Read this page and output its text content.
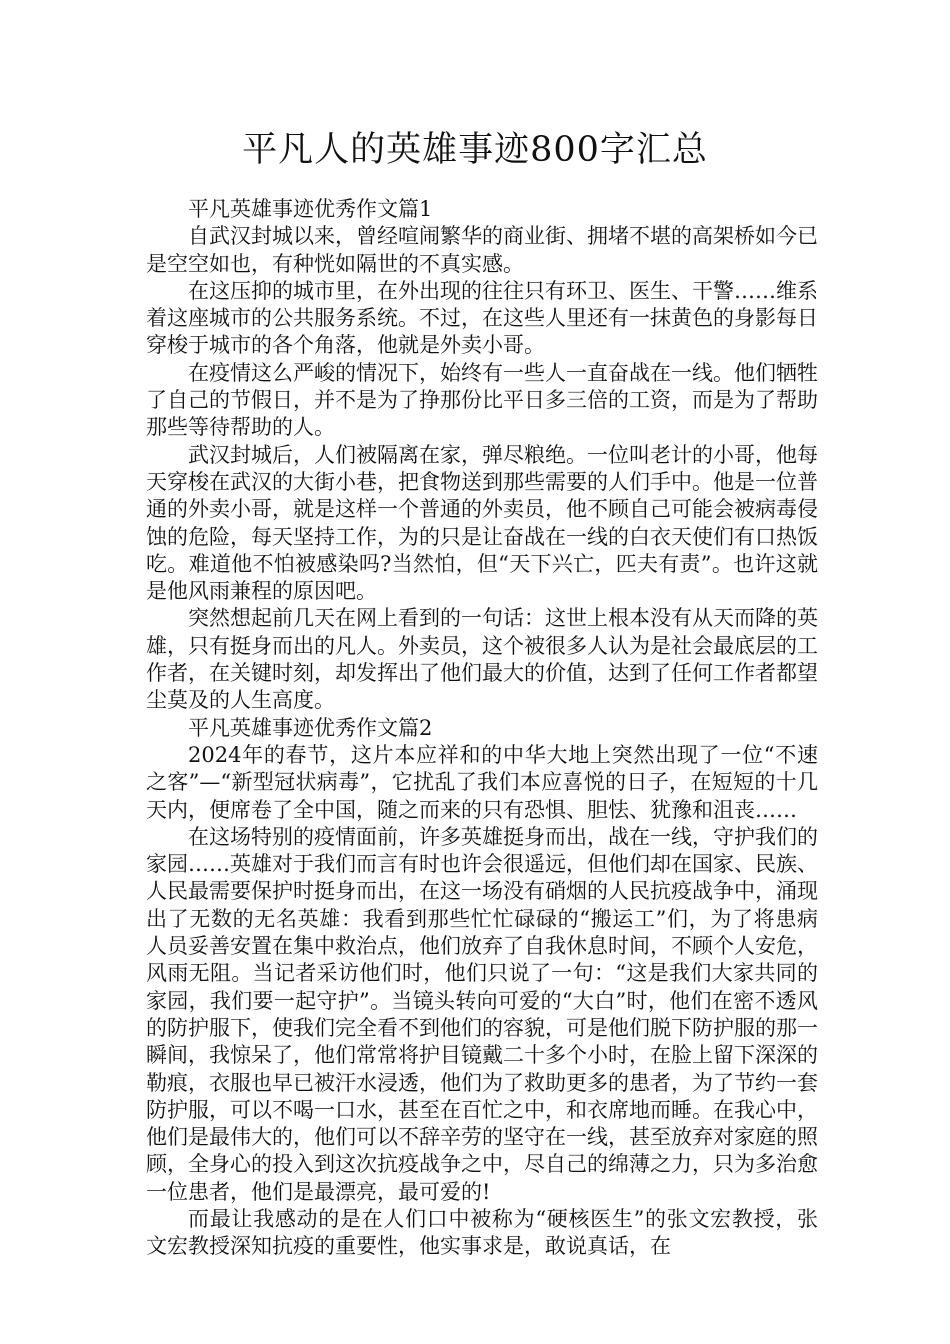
平凡人的英雄事迹800字汇总

平凡英雄事迹优秀作文篇1

自武汉封城以来，曾经喧闹繁华的商业街、拥堵不堪的高架桥如今已是空空如也，有种恍如隔世的不真实感。

在这压抑的城市里，在外出现的往往只有环卫、医生、干警……维系着这座城市的公共服务系统。不过，在这些人里还有一抹黄色的身影每日穿梭于城市的各个角落，他就是外卖小哥。

在疫情这么严峻的情况下，始终有一些人一直奋战在一线。他们牺牲了自己的节假日，并不是为了挣那份比平日多三倍的工资，而是为了帮助那些等待帮助的人。

武汉封城后，人们被隔离在家，弹尽粮绝。一位叫老计的小哥，他每天穿梭在武汉的大街小巷，把食物送到那些需要的人们手中。他是一位普通的外卖小哥，就是这样一个普通的外卖员，他不顾自己可能会被病毒侵蚀的危险，每天坚持工作，为的只是让奋战在一线的白衣天使们有口热饭吃。难道他不怕被感染吗?当然怕，但“天下兴亡，匹夫有责”。也许这就是他风雨兼程的原因吧。

突然想起前几天在网上看到的一句话：这世上根本没有从天而降的英雄，只有挺身而出的凡人。外卖员，这个被很多人认为是社会最底层的工作者，在关键时刻，却发挥出了他们最大的价值，达到了任何工作者都望尘莫及的人生高度。

平凡英雄事迹优秀作文篇2

2024年的春节，这片本应祥和的中华大地上突然出现了一位“不速之客”—“新型冠状病毒”，它扰乱了我们本应喜悦的日子，在短短的十几天内，便席卷了全中国，随之而来的只有恐惧、胆怯、犹豫和沮丧……

在这场特别的疫情面前，许多英雄挺身而出，战在一线，守护我们的家园……英雄对于我们而言有时也许会很遥远，但他们却在国家、民族、人民最需要保护时挺身而出，在这一场没有硝烟的人民抗疫战争中，涌现出了无数的无名英雄：我看到那些忙忙碌碌的“搬运工”们，为了将患病人员妥善安置在集中救治点，他们放弃了自我休息时间，不顾个人安危，风雨无阻。当记者采访他们时，他们只说了一句：“这是我们大家共同的家园，我们要一起守护”。当镜头转向可爱的“大白”时，他们在密不透风的防护服下，使我们完全看不到他们的容貌，可是他们脱下防护服的那一瞬间，我惊呆了，他们常常将护目镜戴二十多个小时，在脸上留下深深的勒痕，衣服也早已被汗水浸透，他们为了救助更多的患者，为了节约一套防护服，可以不喝一口水，甚至在百忙之中，和衣席地而睡。在我心中，他们是最伟大的，他们可以不辞辛劳的坚守在一线，甚至放弃对家庭的照顾，全身心的投入到这次抗疫战争之中，尽自己的绵薄之力，只为多治愈一位患者，他们是最漂亮，最可爱的!

而最让我感动的是在人们口中被称为“硬核医生”的张文宏教授，张文宏教授深知抗疫的重要性，他实事求是，敢说真话，在
